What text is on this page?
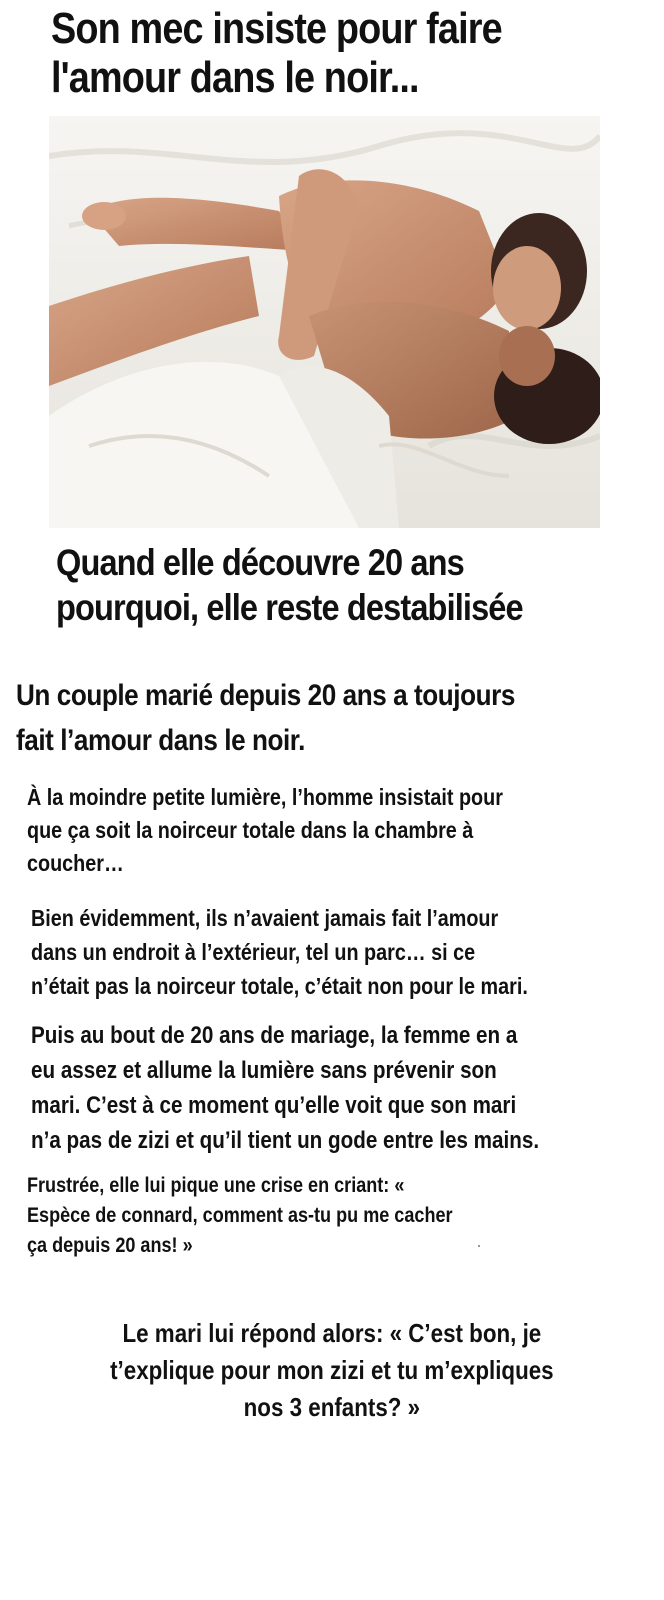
Son mec insiste pour faire
l'amour dans le noir...
Quand elle découvre 20 ans
pourquoi, elle reste destabilisée

Un couple marié depuis 20 ans a toujours
fait l’amour dans le noir.

À la moindre petite lumière, l’homme insistait pour
que ça soit la noirceur totale dans la chambre à
coucher…

Bien évidemment, ils n’avaient jamais fait l’amour
dans un endroit à l’extérieur, tel un parc… si ce
n’était pas la noirceur totale, c’était non pour le mari.

Puis au bout de 20 ans de mariage, la femme en a
eu assez et allume la lumière sans prévenir son
mari. C’est à ce moment qu’elle voit que son mari
n’a pas de zizi et qu’il tient un gode entre les mains.

Frustrée, elle lui pique une crise en criant: «
Espèce de connard, comment as-tu pu me cacher
ça depuis 20 ans! »

Le mari lui répond alors: « C’est bon, je
t’explique pour mon zizi et tu m’expliques
nos 3 enfants? »
